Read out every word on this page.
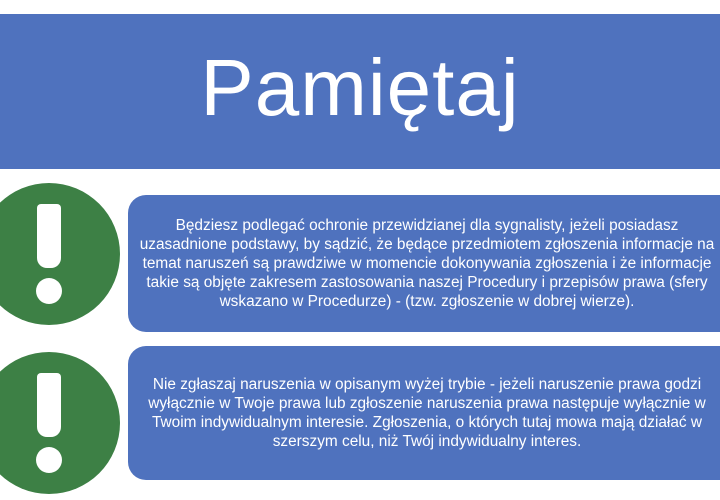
Pamiętaj
Będziesz podlegać ochronie przewidzianej dla sygnalisty, jeżeli posiadasz uzasadnione podstawy, by sądzić, że będące przedmiotem zgłoszenia informacje na temat naruszeń są prawdziwe w momencie dokonywania zgłoszenia i że informacje takie są objęte zakresem zastosowania naszej Procedury i przepisów prawa (sfery wskazano w Procedurze) - (tzw. zgłoszenie w dobrej wierze).
Nie zgłaszaj naruszenia w opisanym wyżej trybie - jeżeli naruszenie prawa godzi wyłącznie w Twoje prawa lub zgłoszenie naruszenia prawa następuje wyłącznie w Twoim indywidualnym interesie. Zgłoszenia, o których tutaj mowa mają działać w szerszym celu, niż Twój indywidualny interes.
